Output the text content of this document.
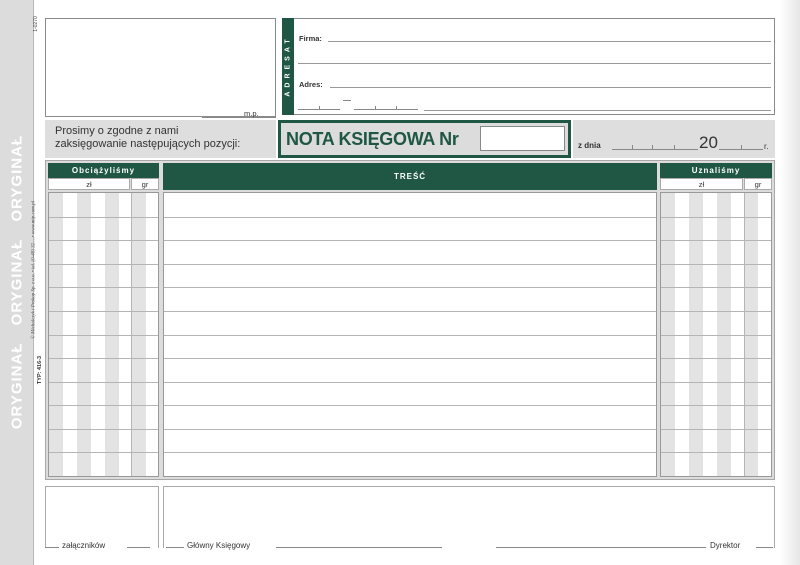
ORYGINAŁ ORYGINAŁ ORYGINAŁ
© Michalczyk i Prokop Sp. z o.o. • tel. (0-48) 32 …• www.mip.com.pl
TYP: 416-3
1-0270
m.p.
ADRESAT Firma:
Adres:
Prosimy o zgodne z nami
zaksięgowanie następujących pozycji:	NOTA KSIĘGOWA Nr	z dnia	20	r.
Obciążyliśmy
zł	gr
TREŚĆ
Uznaliśmy
zł	gr
załączników	Główny Księgowy	Dyrektor
